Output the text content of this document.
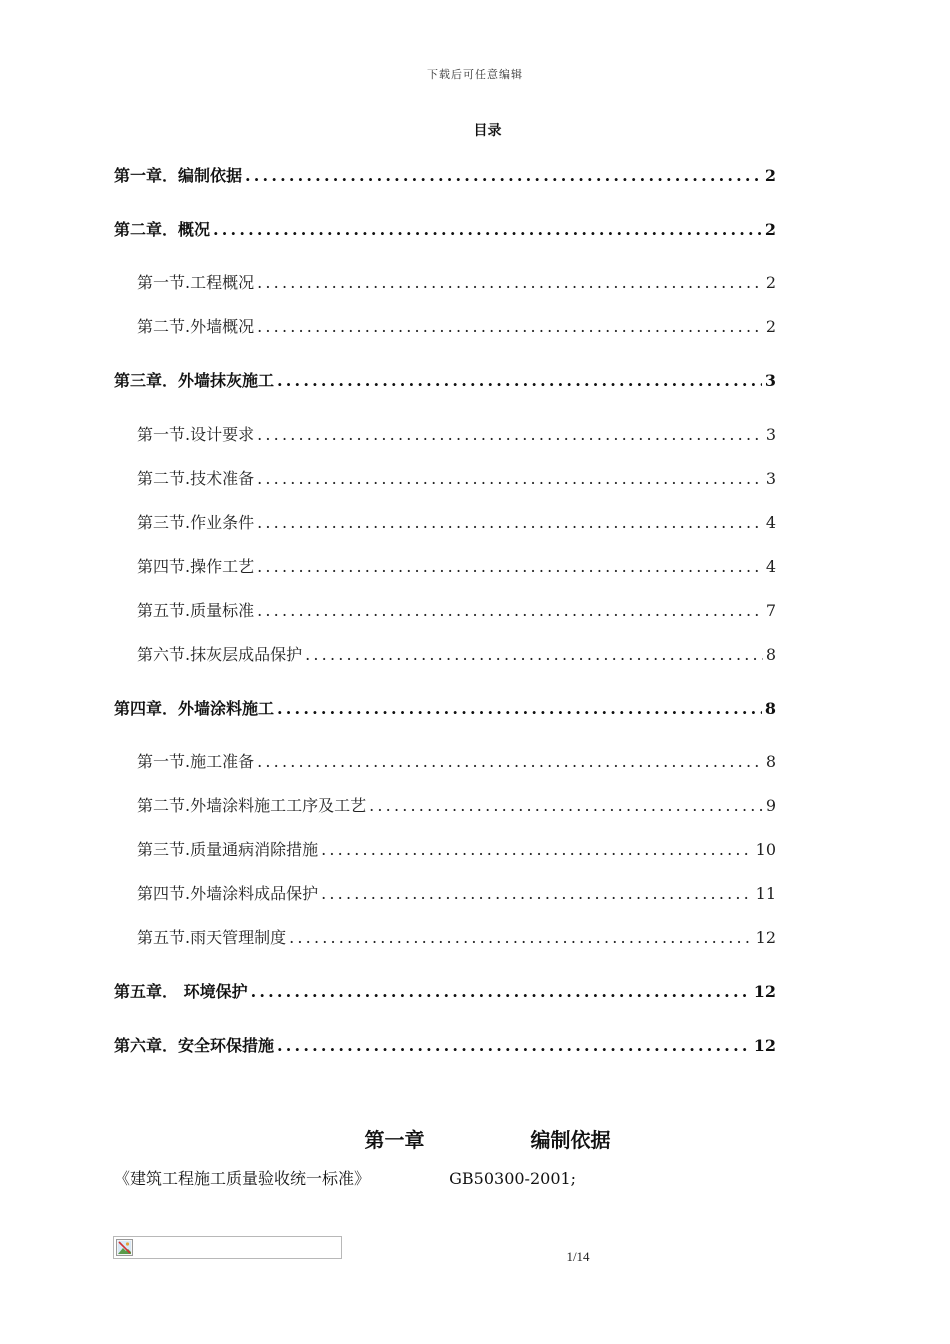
下载后可任意编辑
目录
第一章．编制依据 .....	2
第二章．概况 .....	2
第一节.工程概况 .....	2
第二节.外墙概况 .....	2
第三章．外墙抹灰施工 .....	3
第一节.设计要求 .....	3
第二节.技术准备 .....	3
第三节.作业条件 .....	4
第四节.操作工艺 .....	4
第五节.质量标准 .....	7
第六节.抹灰层成品保护 .....	8
第四章．外墙涂料施工 .....	8
第一节.施工准备 .....	8
第二节.外墙涂料施工工序及工艺 .....	9
第三节.质量通病消除措施 .....	10
第四节.外墙涂料成品保护 .....	11
第五节.雨天管理制度 .....	12
第五章． 环境保护 .....	12
第六章．安全环保措施 .....	12
第一章	编制依据
《建筑工程施工质量验收统一标准》	GB50300-2001;
1/14
